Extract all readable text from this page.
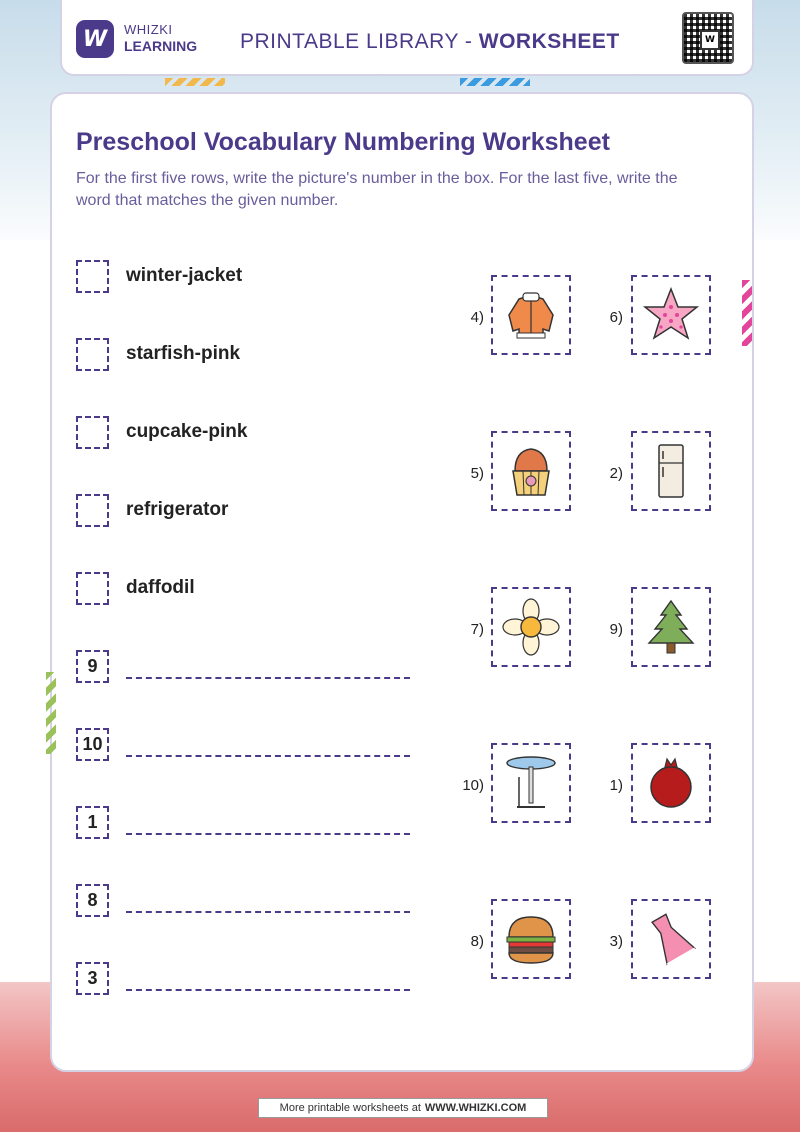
W	WHIZKI
LEARNING PRINTABLE LIBRARY - WORKSHEET	W
Preschool Vocabulary Numbering Worksheet
For the first five rows, write the picture's number in the box. For the last five, write the word that matches the given number.
winter-jacket
starfish-pink
cupcake-pink
refrigerator
daffodil
9
10
1
8
3
4)	6)
5)	2)
7)	9)
10)	1)
8)	3)
More printable worksheets at WWW.WHIZKI.COM
